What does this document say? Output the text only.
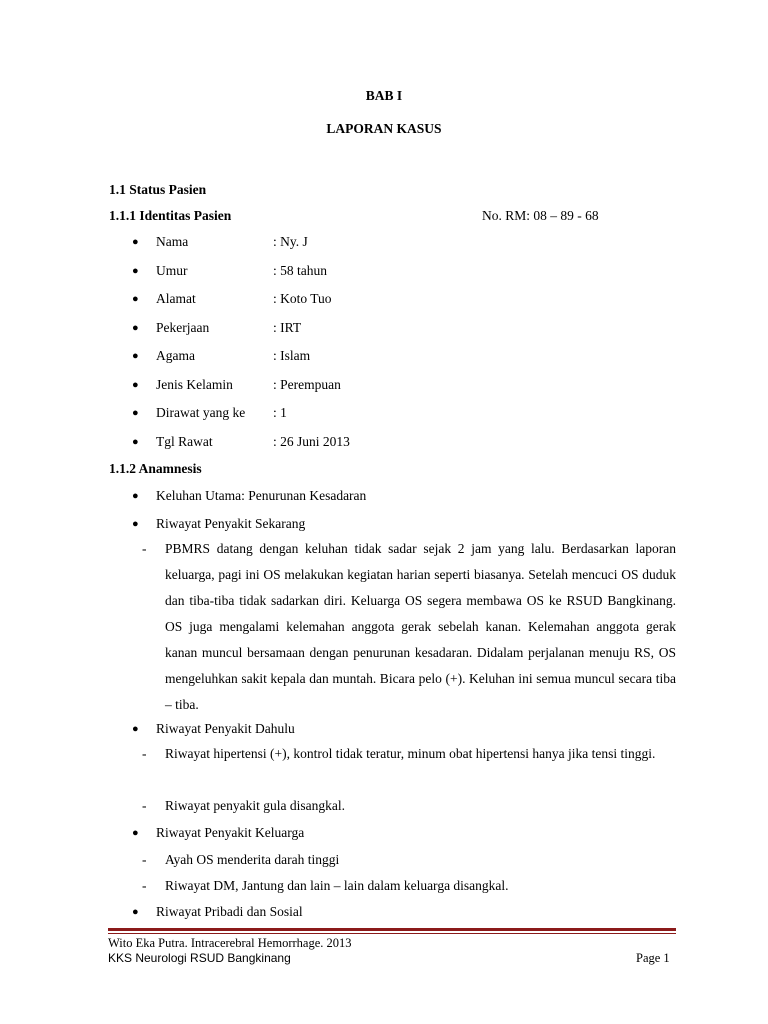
BAB I
LAPORAN KASUS
1.1 Status Pasien
1.1.1 Identitas Pasien	No. RM: 08 – 89 - 68
● Nama	: Ny. J
● Umur	: 58 tahun
● Alamat	: Koto Tuo
● Pekerjaan	: IRT
● Agama	: Islam
● Jenis Kelamin	: Perempuan
● Dirawat yang ke : 1
● Tgl Rawat	: 26 Juni 2013
1.1.2 Anamnesis
● Keluhan Utama: Penurunan Kesadaran
● Riwayat Penyakit Sekarang
- PBMRS datang dengan keluhan tidak sadar sejak 2 jam yang lalu. Berdasarkan laporan keluarga, pagi ini OS melakukan kegiatan harian seperti biasanya. Setelah mencuci OS duduk dan tiba-tiba tidak sadarkan diri. Keluarga OS segera membawa OS ke RSUD Bangkinang. OS juga mengalami kelemahan anggota gerak sebelah kanan. Kelemahan anggota gerak kanan muncul bersamaan dengan penurunan kesadaran. Didalam perjalanan menuju RS, OS mengeluhkan sakit kepala dan muntah. Bicara pelo (+). Keluhan ini semua muncul secara tiba – tiba.
● Riwayat Penyakit Dahulu
- Riwayat hipertensi (+), kontrol tidak teratur, minum obat hipertensi hanya jika tensi tinggi.
- Riwayat penyakit gula disangkal.
● Riwayat Penyakit Keluarga
- Ayah OS menderita darah tinggi
- Riwayat DM, Jantung dan lain – lain dalam keluarga disangkal.
● Riwayat Pribadi dan Sosial
Wito Eka Putra. Intracerebral Hemorrhage. 2013
KKS Neurologi RSUD Bangkinang	Page 1
